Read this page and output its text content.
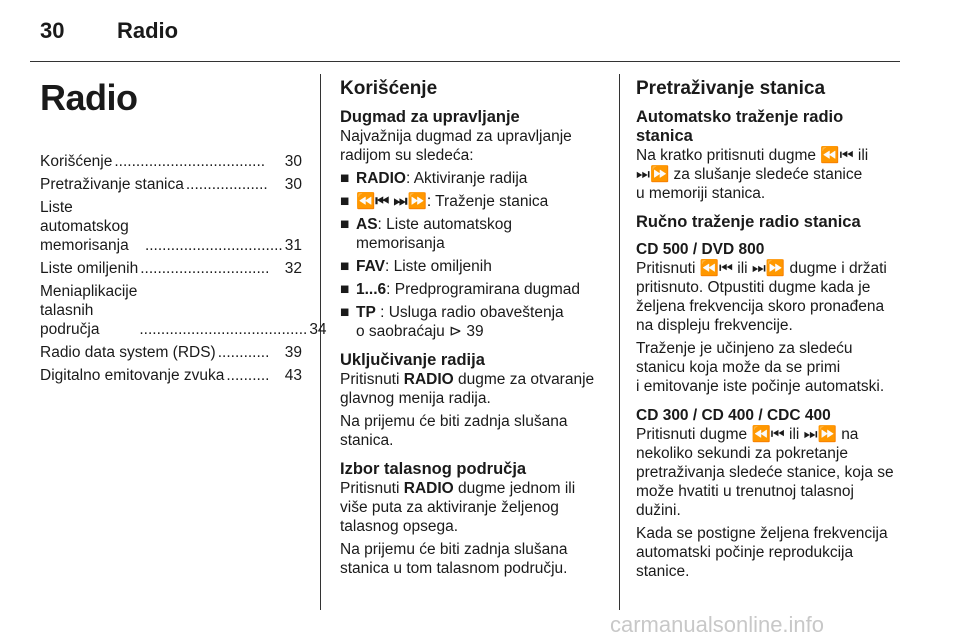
30 Radio
Radio
Korišćenje ...................................	30
Pretraživanje stanica ...................	30
Liste automatskog
memorisanja	................................ 31
Liste omiljenih .............................. 32
Meniaplikacije talasnih
područja	....................................... 34
Radio data system (RDS) ............ 39
Digitalno emitovanje zvuka .......... 43
Korišćenje
Dugmad za upravljanje

Najvažnija dugmad za upravljanje
radijom su sledeća:

■ RADIO: Aktiviranje radija
■ ⏪⏮ ⏭⏩: Traženje stanica
■ AS: Liste automatskog
memorisanja
■ FAV: Liste omiljenih
■ 1...6: Predprogramirana dugmad
■ TP : Usluga radio obaveštenja
o saobraćaju ⊳ 39
Uključivanje radija

Pritisnuti RADIO dugme za otvaranje
glavnog menija radija.

Na prijemu će biti zadnja slušana
stanica.

Izbor talasnog područja

Pritisnuti RADIO dugme jednom ili
više puta za aktiviranje željenog
talasnog opsega.

Na prijemu će biti zadnja slušana
stanica u tom talasnom području.

Pretraživanje stanica
Automatsko traženje radio
stanica

Na kratko pritisnuti dugme ⏪⏮ ili
⏭⏩ za slušanje sledeće stanice
u memoriji stanica.

Ručno traženje radio stanica
CD 500 / DVD 800

Pritisnuti ⏪⏮ ili ⏭⏩ dugme i držati
pritisnuto. Otpustiti dugme kada je
željena frekvencija skoro pronađena
na displeju frekvencije.

Traženje je učinjeno za sledeću
stanicu koja može da se primi
i emitovanje iste počinje automatski.

CD 300 / CD 400 / CDC 400

Pritisnuti dugme ⏪⏮ ili ⏭⏩ na
nekoliko sekundi za pokretanje
pretraživanja sledeće stanice, koja se
može hvatiti u trenutnoj talasnoj
dužini.

Kada se postigne željena frekvencija
automatski počinje reprodukcija
stanice.

carmanualsonline.info
